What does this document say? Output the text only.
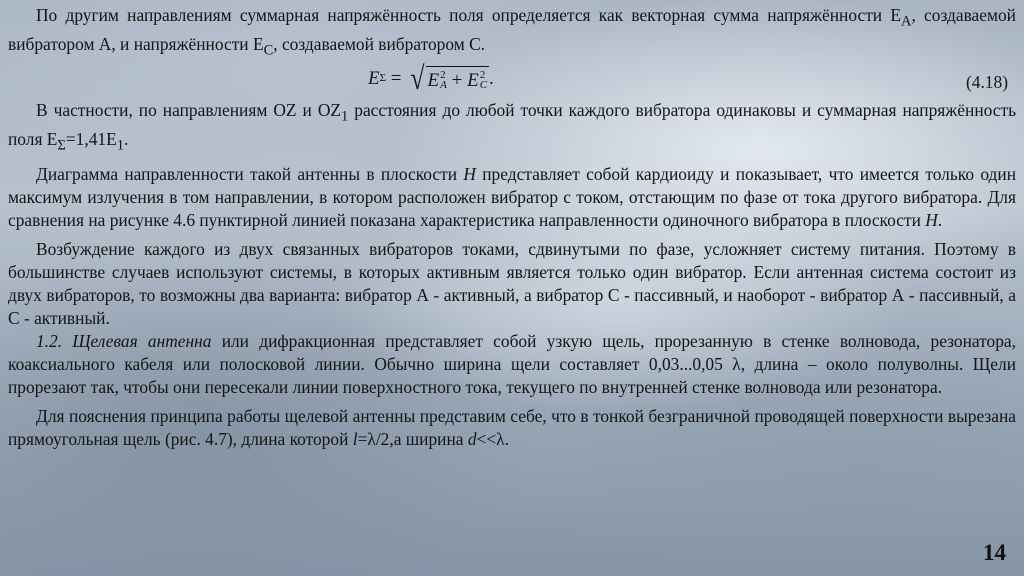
По другим направлениям суммарная напряжённость поля определяется как векторная сумма напряжённости $E_A$, создаваемой вибратором А, и напряжённости $E_C$, создаваемой вибратором С.

E Σ = √ E 2
A + E 2
C .	(4.18)

В частности, по направлениям OZ и $OZ_1$ расстояния до любой точки каждого вибратора одинаковы и суммарная напряжённость поля $E_\Sigma=1,41E_1$.

Диаграмма направленности такой антенны в плоскости H представляет собой кардиоиду и показывает, что имеется только один максимум излучения в том направлении, в котором расположен вибратор с током, отстающим по фазе от тока другого вибратора. Для сравнения на рисунке 4.6 пунктирной линией показана характеристика направленности одиночного вибратора в плоскости H.

Возбуждение каждого из двух связанных вибраторов токами, сдвинутыми по фазе, усложняет систему питания. Поэтому в большинстве случаев используют системы, в которых активным является только один вибратор. Если антенная система состоит из двух вибраторов, то возможны два варианта: вибратор А - активный, а вибратор С - пассивный, и наоборот - вибратор А - пассивный, а С - активный.

1.2. Щелевая антенна или дифракционная представляет собой узкую щель, прорезанную в стенке волновода, резонатора, коаксиального кабеля или полосковой линии. Обычно ширина щели составляет 0,03...0,05 λ, длина – около полуволны. Щели прорезают так, чтобы они пересекали линии поверхностного тока, текущего по внутренней стенке волновода или резонатора.

Для пояснения принципа работы щелевой антенны представим себе, что в тонкой безграничной проводящей поверхности вырезана прямоугольная щель (рис. 4.7), длина которой l=λ/2,а ширина d<<λ.

14
